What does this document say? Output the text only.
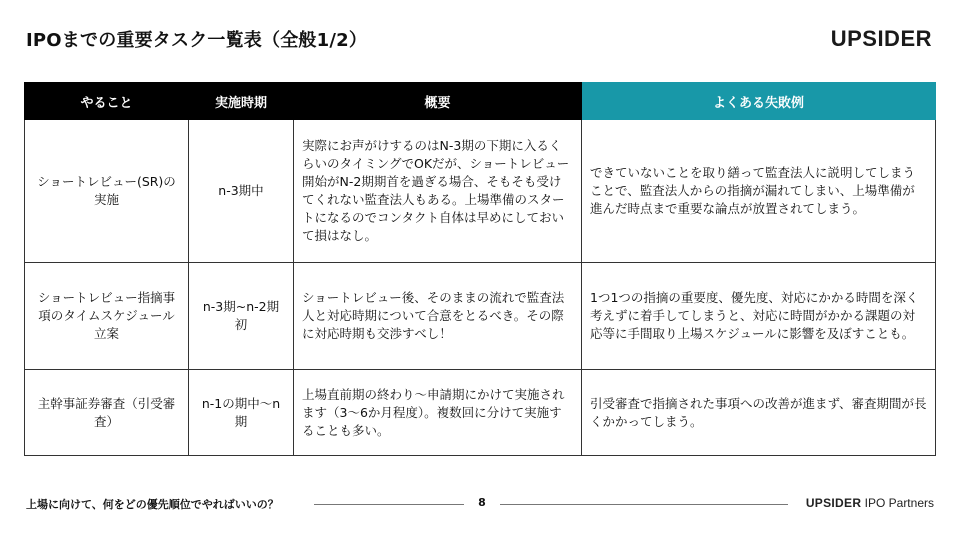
IPOまでの重要タスク一覧表（全般1/2）	UPSIDER
やること	実施時期	概要	よくある失敗例
ショートレビュー(SR)の実施	n-3期中	実際にお声がけするのはN-3期の下期に入るくらいのタイミングでOKだが、ショートレビュー開始がN-2期期首を過ぎる場合、そもそも受けてくれない監査法人もある。上場準備のスタートになるのでコンタクト自体は早めにしておいて損はなし。	できていないことを取り繕って監査法人に説明してしまうことで、監査法人からの指摘が漏れてしまい、上場準備が進んだ時点まで重要な論点が放置されてしまう。
ショートレビュー指摘事項のタイムスケジュール立案	n-3期~n-2期初	ショートレビュー後、そのままの流れで監査法人と対応時期について合意をとるべき。その際に対応時期も交渉すべし！	1つ1つの指摘の重要度、優先度、対応にかかる時間を深く考えずに着手してしまうと、対応に時間がかかる課題の対応等に手間取り上場スケジュールに影響を及ぼすことも。
主幹事証券審査（引受審査）	n-1の期中〜n期	上場直前期の終わり〜申請期にかけて実施されます（3〜6か月程度）。複数回に分けて実施することも多い。	引受審査で指摘された事項への改善が進まず、審査期間が長くかかってしまう。
上場に向けて、何をどの優先順位でやればいいの？	8	UPSIDER IPO Partners
